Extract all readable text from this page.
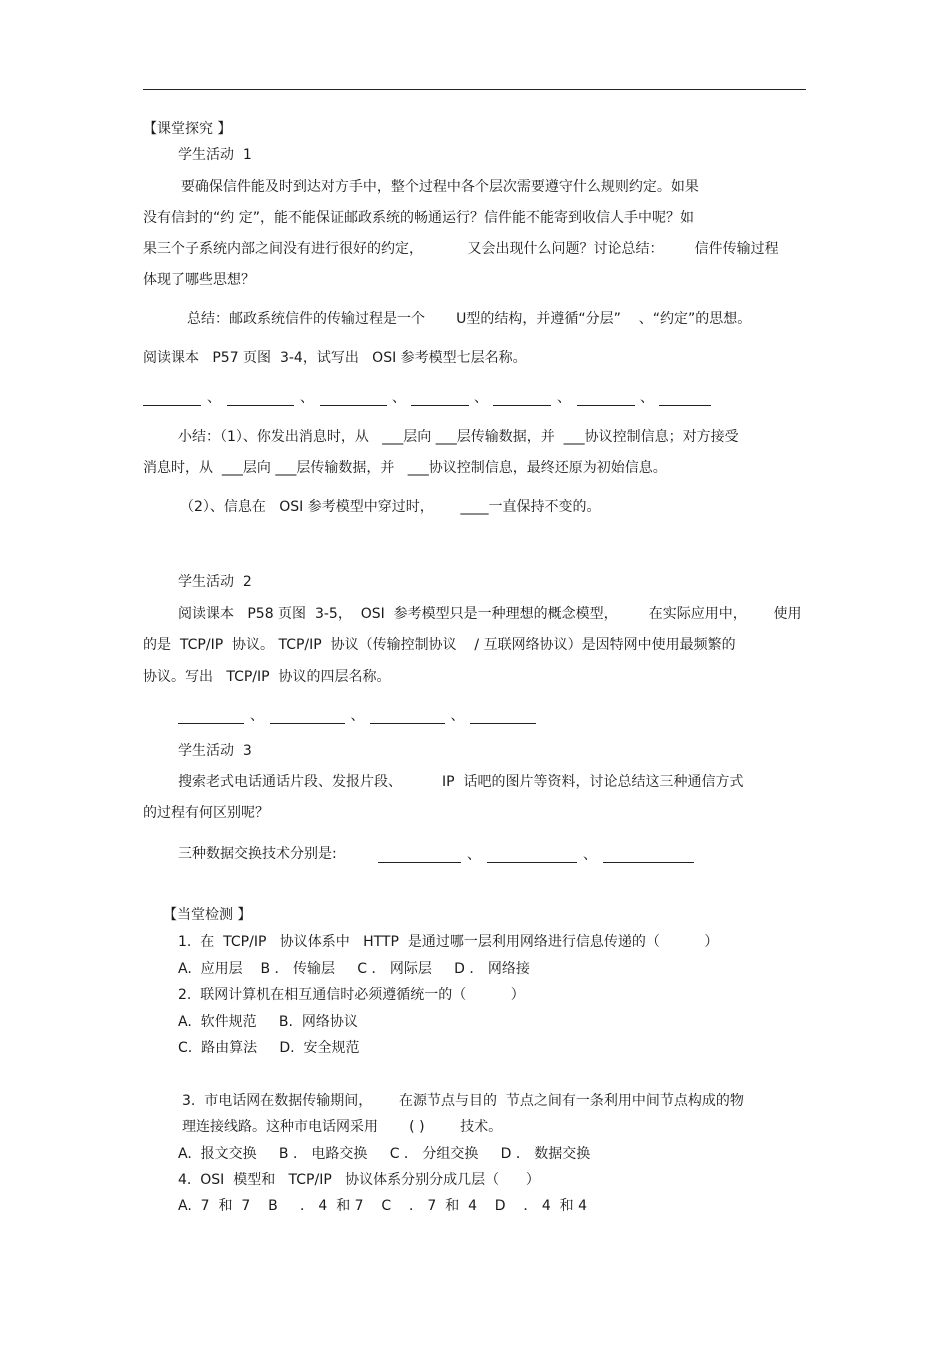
【课堂探究 】
学生活动  1
要确保信件能及时到达对方手中，整个过程中各个层次需要遵守什么规则约定。如果
没有信封的“约 定”，能不能保证邮政系统的畅通运行？信件能不能寄到收信人手中呢？如
果三个子系统内部之间没有进行很好的约定，          又会出现什么问题？讨论总结：       信件传输过程
体现了哪些思想？
总结：邮政系统信件的传输过程是一个       U型的结构，并遵循“分层”    、“约定”的思想。
阅读课本   P57 页图  3-4，试写出   OSI 参考模型七层名称。
、	、	、	、	、	、
小结：（1）、你发出消息时，从   ___层向 ___层传输数据，并  ___协议控制信息；对方接受
消息时，从  ___层向 ___层传输数据，并   ___协议控制信息，最终还原为初始信息。
（2）、信息在   OSI 参考模型中穿过时，      ____一直保持不变的。
学生活动  2
阅读课本   P58 页图  3-5，  OSI  参考模型只是一种理想的概念模型，       在实际应用中，      使用
的是  TCP/IP  协议。 TCP/IP  协议（传输控制协议    / 互联网络协议）是因特网中使用最频繁的
协议。写出   TCP/IP  协议的四层名称。
、	、	、
学生活动  3
搜索老式电话通话片段、发报片段、         IP  话吧的图片等资料，讨论总结这三种通信方式
的过程有何区别呢？
三种数据交换技术分别是:	、	、
【当堂检测 】
1.  在  TCP/IP   协议体系中   HTTP  是通过哪一层利用网络进行信息传递的（          ）
A.  应用层    B ． 传输层     C ． 网际层     D ． 网络接
2.  联网计算机在相互通信时必须遵循统一的（          ）
A.  软件规范     B.  网络协议
C.  路由算法     D.  安全规范
3.  市电话网在数据传输期间，      在源节点与目的  节点之间有一条利用中间节点构成的物
理连接线路。这种市电话网采用       ( )        技术。
A.  报文交换     B ． 电路交换     C ． 分组交换     D ． 数据交换
4.  OSI  模型和   TCP/IP   协议体系分别分成几层（      ）
A.  7  和  7    B     ． 4  和 7    C    ． 7  和  4    D    ． 4  和 4
